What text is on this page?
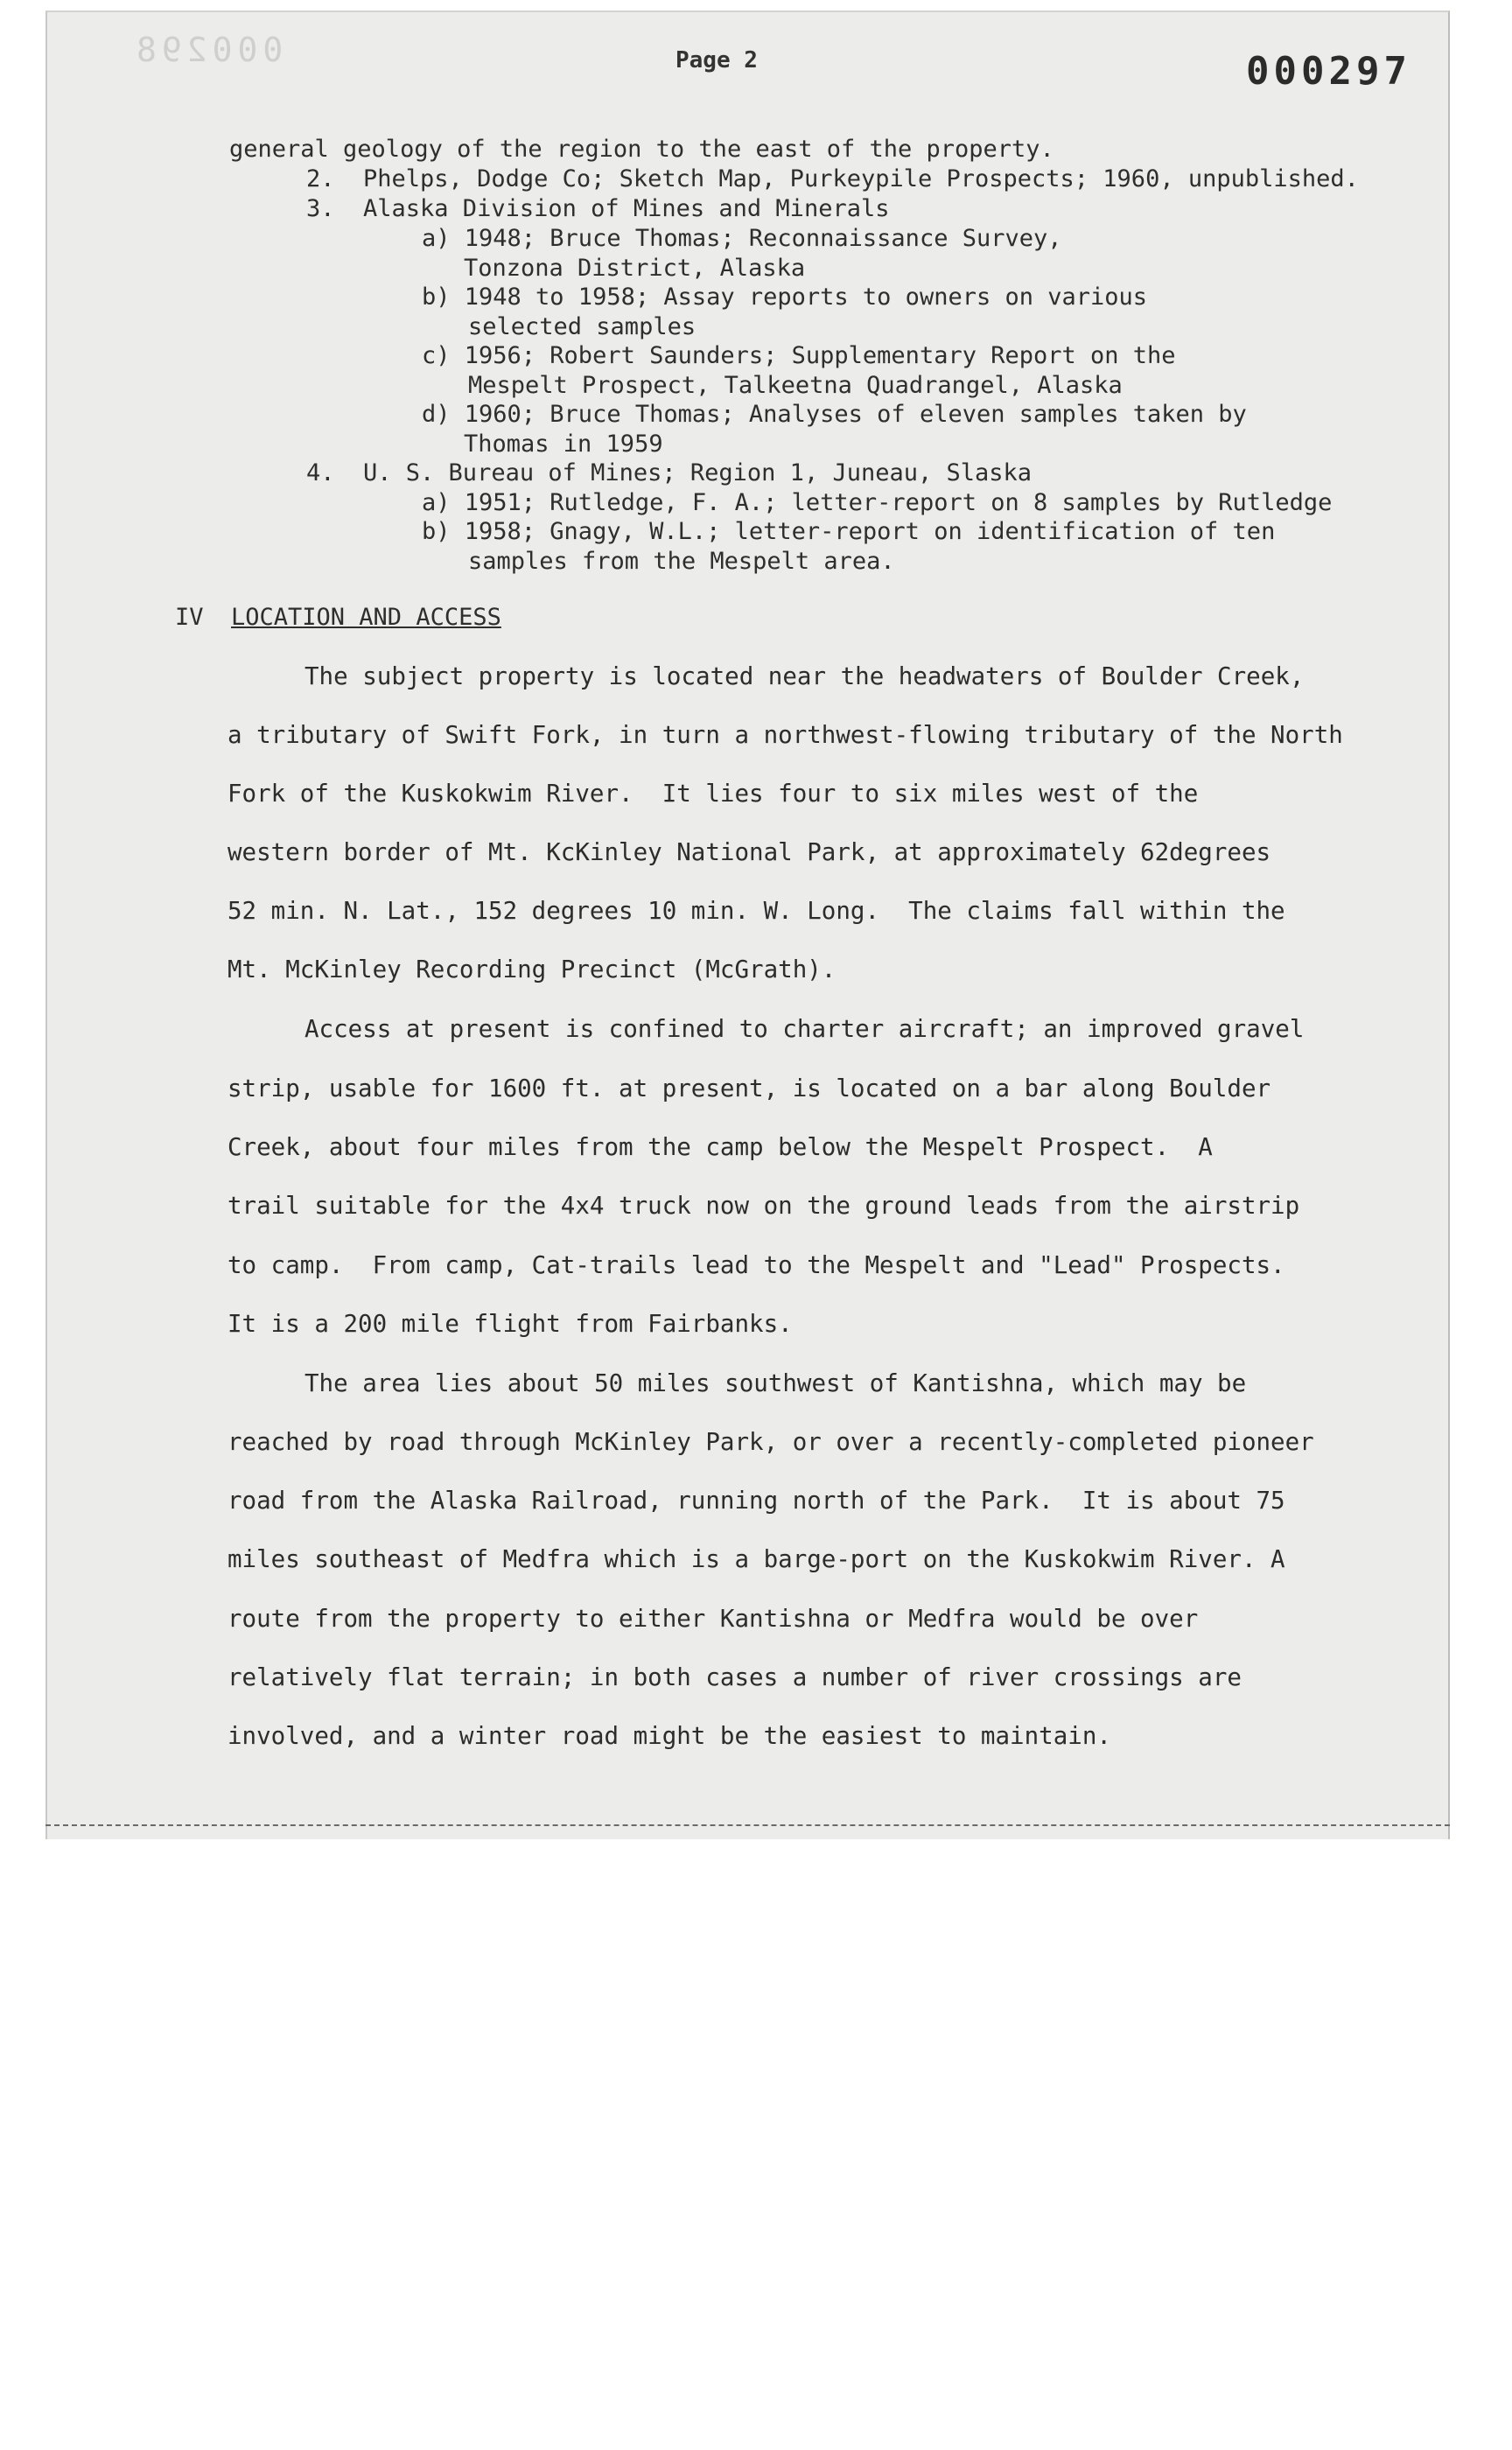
000298	Page 2	000297
general geology of the region to the east of the property.
2.  Phelps, Dodge Co; Sketch Map, Purkeypile Prospects; 1960, unpublished.
3.  Alaska Division of Mines and Minerals
a) 1948; Bruce Thomas; Reconnaissance Survey,
Tonzona District, Alaska
b) 1948 to 1958; Assay reports to owners on various
selected samples
c) 1956; Robert Saunders; Supplementary Report on the
Mespelt Prospect, Talkeetna Quadrangel, Alaska
d) 1960; Bruce Thomas; Analyses of eleven samples taken by
Thomas in 1959
4.  U. S. Bureau of Mines; Region 1, Juneau, Slaska
a) 1951; Rutledge, F. A.; letter-report on 8 samples by Rutledge
b) 1958; Gnagy, W.L.; letter-report on identification of ten
samples from the Mespelt area.
IV LOCATION AND ACCESS
The subject property is located near the headwaters of Boulder Creek,
a tributary of Swift Fork, in turn a northwest-flowing tributary of the North
Fork of the Kuskokwim River.  It lies four to six miles west of the
western border of Mt. KcKinley National Park, at approximately 62degrees
52 min. N. Lat., 152 degrees 10 min. W. Long.  The claims fall within the
Mt. McKinley Recording Precinct (McGrath).
Access at present is confined to charter aircraft; an improved gravel
strip, usable for 1600 ft. at present, is located on a bar along Boulder
Creek, about four miles from the camp below the Mespelt Prospect.  A
trail suitable for the 4x4 truck now on the ground leads from the airstrip
to camp.  From camp, Cat-trails lead to the Mespelt and "Lead" Prospects.
It is a 200 mile flight from Fairbanks.
The area lies about 50 miles southwest of Kantishna, which may be
reached by road through McKinley Park, or over a recently-completed pioneer
road from the Alaska Railroad, running north of the Park.  It is about 75
miles southeast of Medfra which is a barge-port on the Kuskokwim River. A
route from the property to either Kantishna or Medfra would be over
relatively flat terrain; in both cases a number of river crossings are
involved, and a winter road might be the easiest to maintain.
